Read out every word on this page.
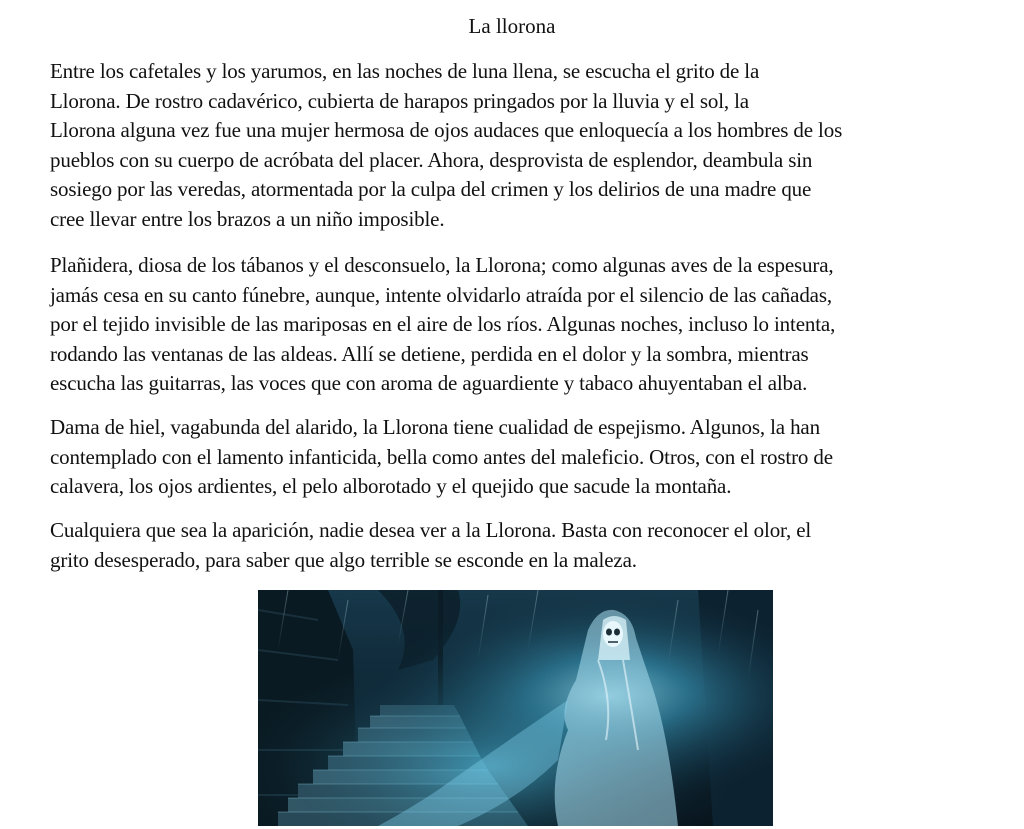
La llorona

Entre los cafetales y los yarumos, en las noches de luna llena, se escucha el grito de la
Llorona. De rostro cadavérico, cubierta de harapos pringados por la lluvia y el sol, la
Llorona alguna vez fue una mujer hermosa de ojos audaces que enloquecía a los hombres de los
pueblos con su cuerpo de acróbata del placer. Ahora, desprovista de esplendor, deambula sin
sosiego por las veredas, atormentada por la culpa del crimen y los delirios de una madre que
cree llevar entre los brazos a un niño imposible.

Plañidera, diosa de los tábanos y el desconsuelo, la Llorona; como algunas aves de la espesura,
jamás cesa en su canto fúnebre, aunque, intente olvidarlo atraída por el silencio de las cañadas,
por el tejido invisible de las mariposas en el aire de los ríos. Algunas noches, incluso lo intenta,
rodando las ventanas de las aldeas. Allí se detiene, perdida en el dolor y la sombra, mientras
escucha las guitarras, las voces que con aroma de aguardiente y tabaco ahuyentaban el alba.

Dama de hiel, vagabunda del alarido, la Llorona tiene cualidad de espejismo. Algunos, la han
contemplado con el lamento infanticida, bella como antes del maleficio. Otros, con el rostro de
calavera, los ojos ardientes, el pelo alborotado y el quejido que sacude la montaña.

Cualquiera que sea la aparición, nadie desea ver a la Llorona. Basta con reconocer el olor, el
grito desesperado, para saber que algo terrible se esconde en la maleza.
